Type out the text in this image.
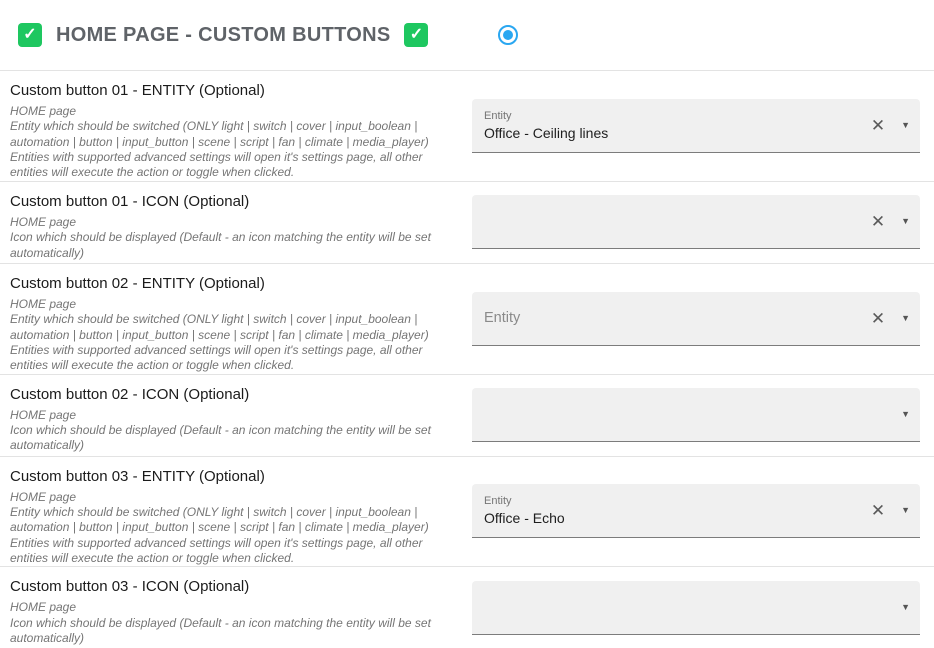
✓ HOME PAGE - CUSTOM BUTTONS ✓
Custom button 01 - ENTITY (Optional)
HOME page
Entity which should be switched (ONLY light | switch | cover | input_boolean | automation | button | input_button | scene | script | fan | climate | media_player)
Entities with supported advanced settings will open it's settings page, all other entities will execute the action or toggle when clicked.
Entity
Office - Ceiling lines	✕ ▼
Custom button 01 - ICON (Optional)
HOME page
Icon which should be displayed (Default - an icon matching the entity will be set automatically)
✕ ▼
Custom button 02 - ENTITY (Optional)
HOME page
Entity which should be switched (ONLY light | switch | cover | input_boolean | automation | button | input_button | scene | script | fan | climate | media_player)
Entities with supported advanced settings will open it's settings page, all other entities will execute the action or toggle when clicked.
Entity	✕ ▼
Custom button 02 - ICON (Optional)
HOME page
Icon which should be displayed (Default - an icon matching the entity will be set automatically)
▼
Custom button 03 - ENTITY (Optional)
HOME page
Entity which should be switched (ONLY light | switch | cover | input_boolean | automation | button | input_button | scene | script | fan | climate | media_player)
Entities with supported advanced settings will open it's settings page, all other entities will execute the action or toggle when clicked.
Entity
Office - Echo	✕ ▼
Custom button 03 - ICON (Optional)
HOME page
Icon which should be displayed (Default - an icon matching the entity will be set automatically)
▼
